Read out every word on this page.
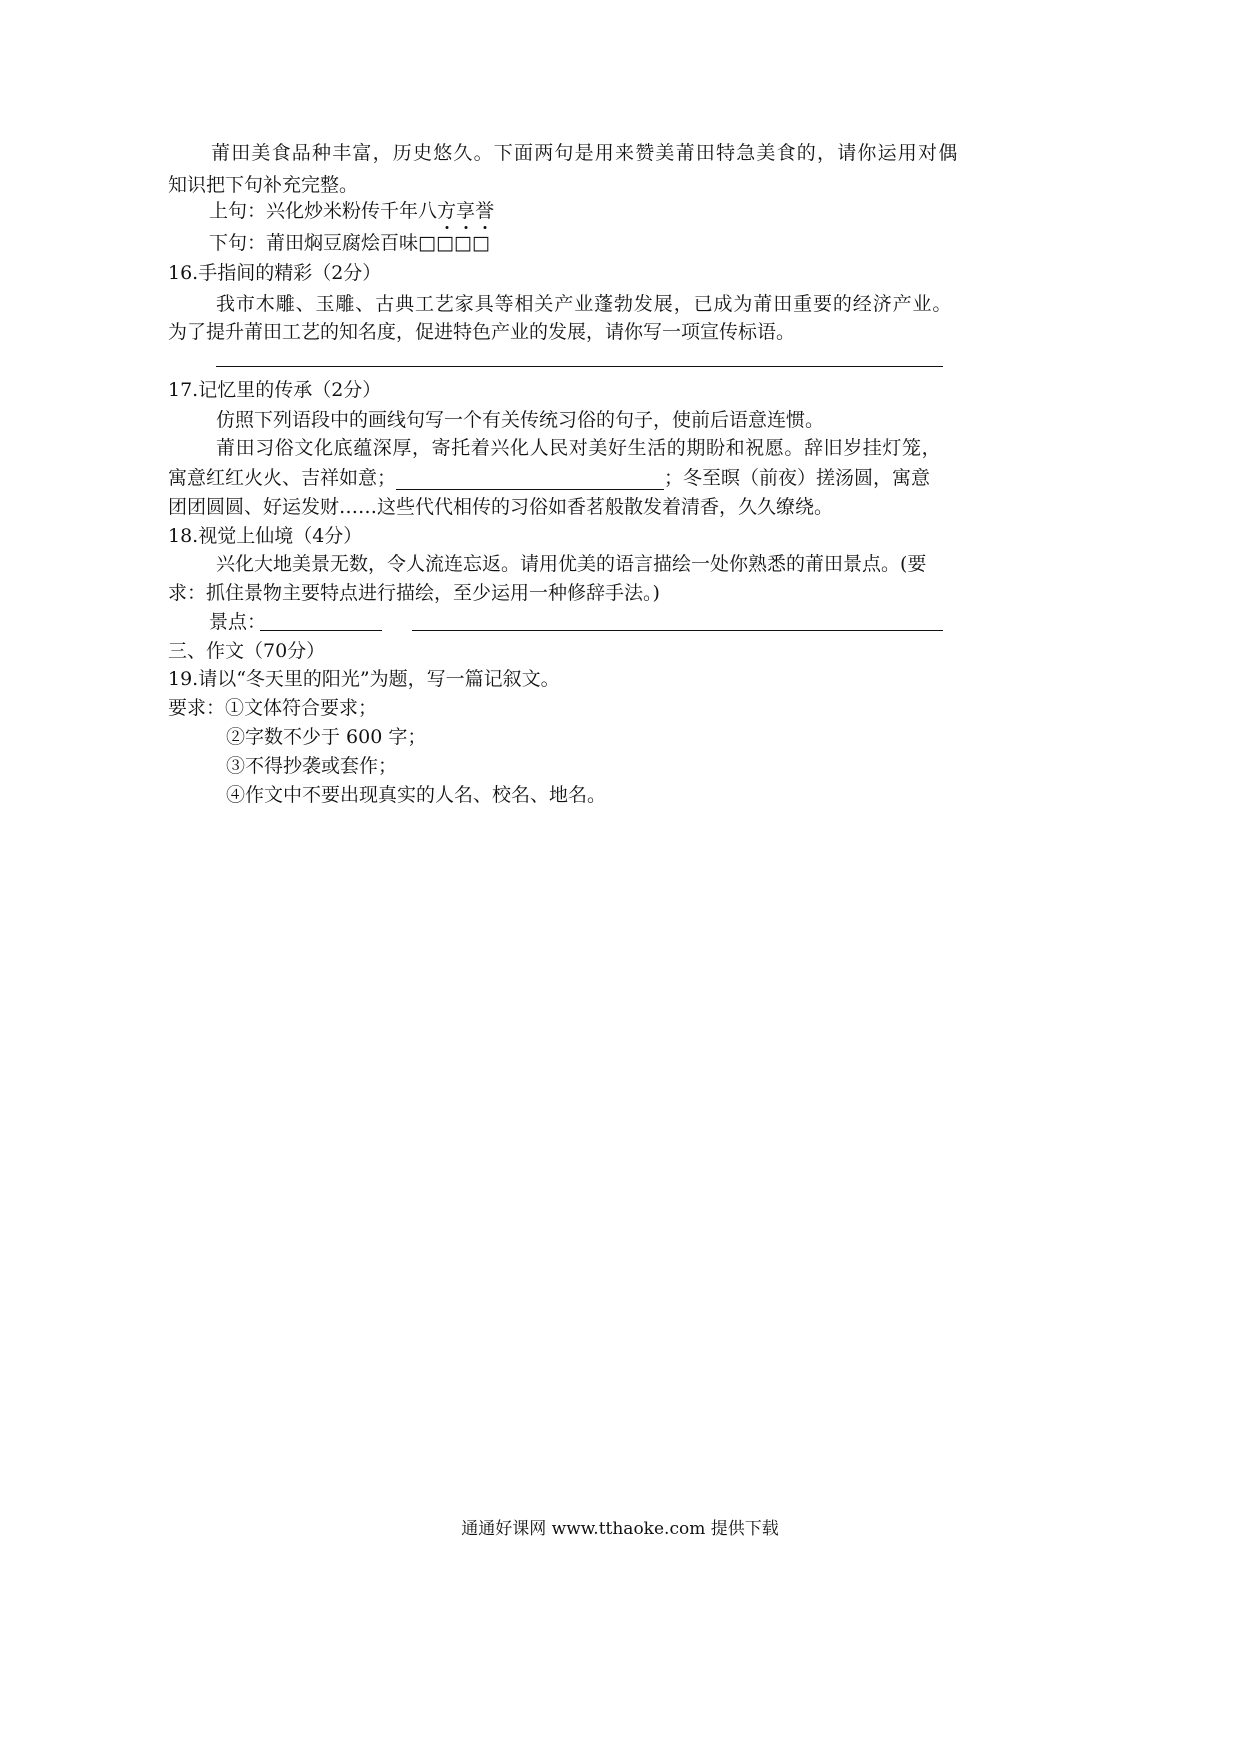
莆田美食品种丰富，历史悠久。下面两句是用来赞美莆田特急美食的，请你运用对偶
知识把下句补充完整。
上句：兴化炒米粉传千年八方
享
誉
下句：莆田焖豆腐烩百味□□□□
16.手指间的精彩（2分）
我市木雕、玉雕、古典工艺家具等相关产业蓬勃发展，已成为莆田重要的经济产业。
为了提升莆田工艺的知名度，促进特色产业的发展，请你写一项宣传标语。
17.记忆里的传承（2分）
仿照下列语段中的画线句写一个有关传统习俗的句子，使前后语意连惯。
莆田习俗文化底蕴深厚，寄托着兴化人民对美好生活的期盼和祝愿。辞旧岁挂灯笼，
寓意红红火火、吉祥如意；	；冬至暝（前夜）搓汤圆，寓意
团团圆圆、好运发财……这些代代相传的习俗如香茗般散发着清香，久久缭绕。
18.视觉上仙境（4分）
兴化大地美景无数，令人流连忘返。请用优美的语言描绘一处你熟悉的莆田景点。(要
求：抓住景物主要特点进行描绘，至少运用一种修辞手法。)
景点：
三、作文（70分）
19.请以“冬天里的阳光”为题，写一篇记叙文。
要求：①文体符合要求；
②字数不少于 600 字；
③不得抄袭或套作；
④作文中不要出现真实的人名、校名、地名。
通通好课网 www.tthaoke.com 提供下载
